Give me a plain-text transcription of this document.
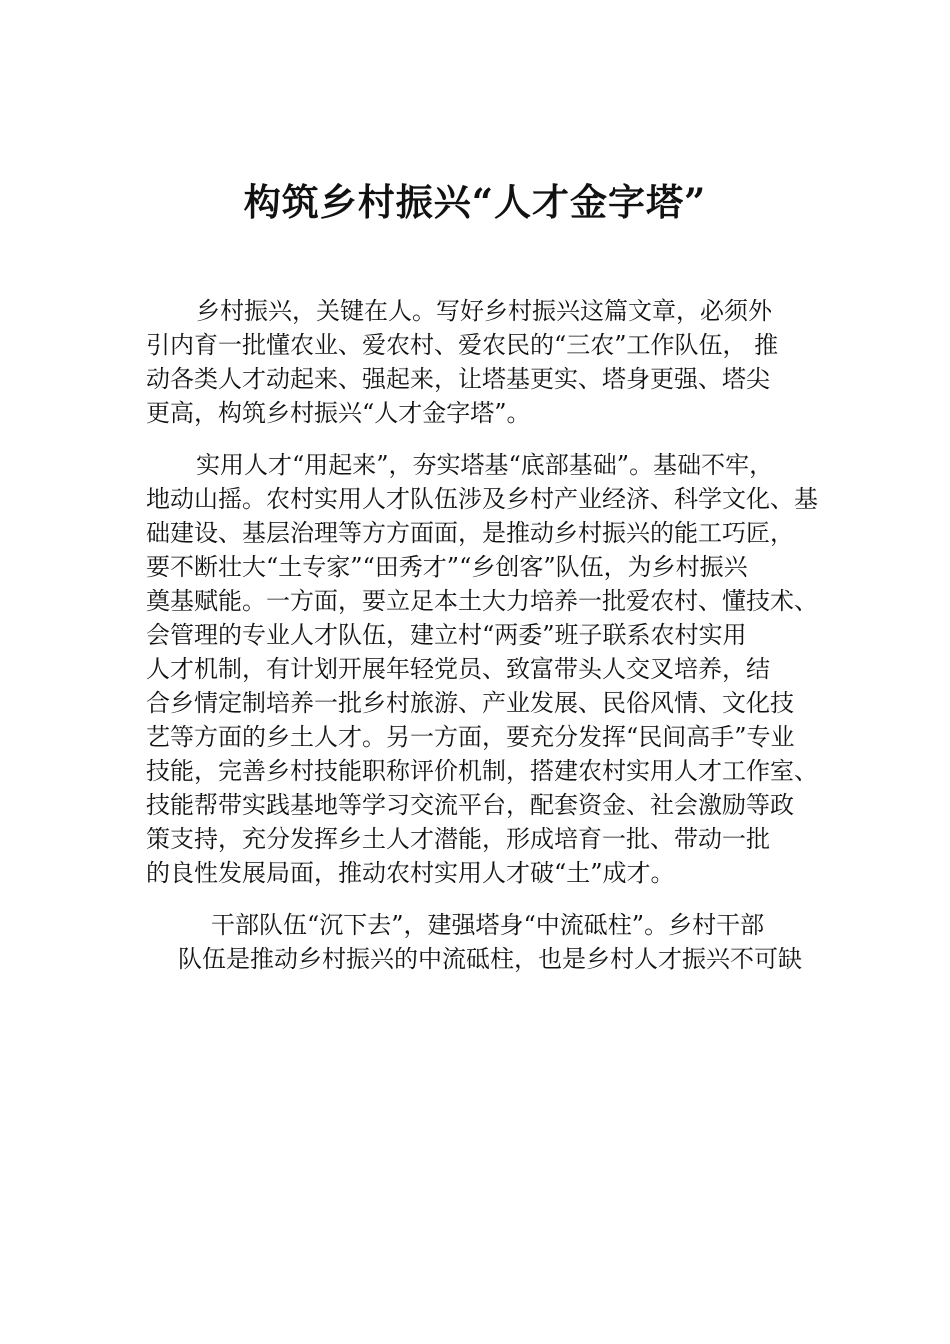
构筑乡村振兴“人才金字塔”
乡村振兴，关键在人。写好乡村振兴这篇文章，必须外
引内育一批懂农业、爱农村、爱农民的“三农”工作队伍， 推
动各类人才动起来、强起来，让塔基更实、塔身更强、塔尖
更高，构筑乡村振兴“人才金字塔”。
实用人才“用起来”，夯实塔基“底部基础”。基础不牢，
地动山摇。农村实用人才队伍涉及乡村产业经济、科学文化、基
础建设、基层治理等方方面面，是推动乡村振兴的能工巧匠，
要不断壮大“土专家”“田秀才”“乡创客”队伍，为乡村振兴
奠基赋能。一方面，要立足本土大力培养一批爱农村、懂技术、
会管理的专业人才队伍，建立村“两委”班子联系农村实用
人才机制，有计划开展年轻党员、致富带头人交叉培养，结
合乡情定制培养一批乡村旅游、产业发展、民俗风情、文化技
艺等方面的乡土人才。另一方面，要充分发挥“民间高手”专业
技能，完善乡村技能职称评价机制，搭建农村实用人才工作室、
技能帮带实践基地等学习交流平台，配套资金、社会激励等政
策支持，充分发挥乡土人才潜能，形成培育一批、带动一批
的良性发展局面，推动农村实用人才破“土”成才。
干部队伍“沉下去”，建强塔身“中流砥柱”。乡村干部
队伍是推动乡村振兴的中流砥柱，也是乡村人才振兴不可缺
